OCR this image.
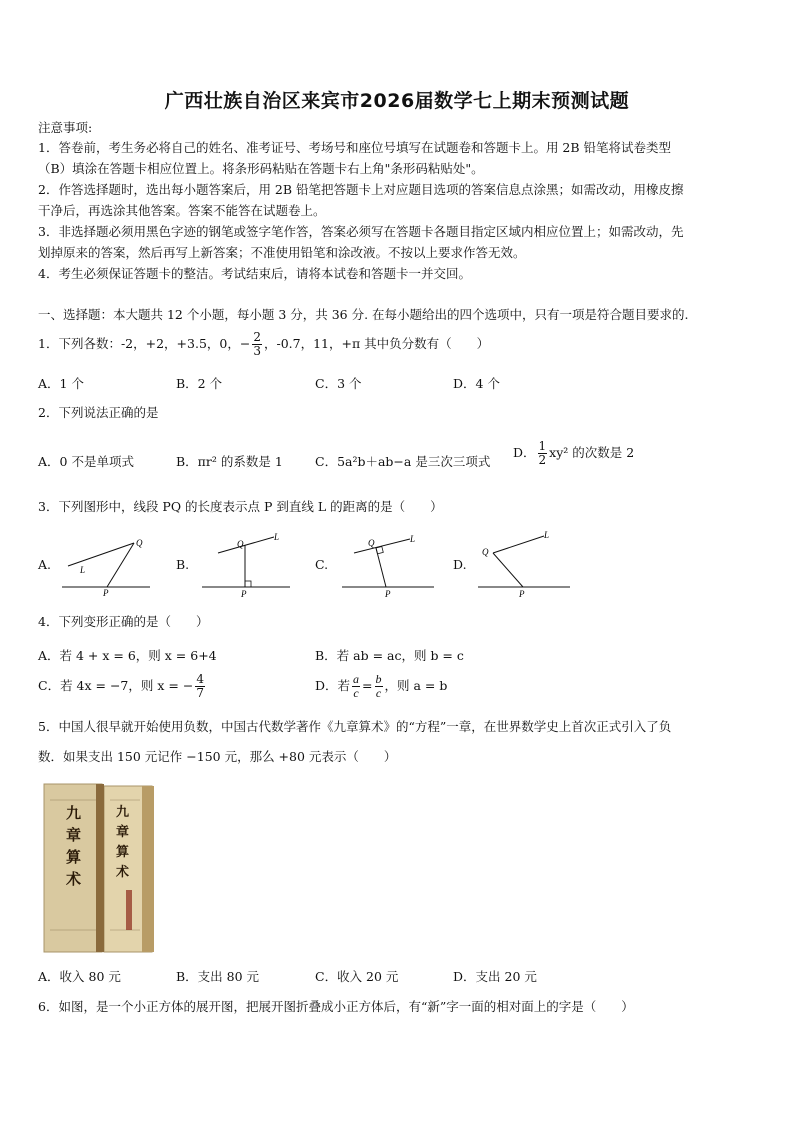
广西壮族自治区来宾市2026届数学七上期末预测试题
注意事项:
1．答卷前，考生务必将自己的姓名、准考证号、考场号和座位号填写在试题卷和答题卡上。用 2B 铅笔将试卷类型
（B）填涂在答题卡相应位置上。将条形码粘贴在答题卡右上角"条形码粘贴处"。
2．作答选择题时，选出每小题答案后，用 2B 铅笔把答题卡上对应题目选项的答案信息点涂黑；如需改动，用橡皮擦
干净后，再选涂其他答案。答案不能答在试题卷上。
3．非选择题必须用黑色字迹的钢笔或签字笔作答，答案必须写在答题卡各题目指定区域内相应位置上；如需改动，先
划掉原来的答案，然后再写上新答案；不准使用铅笔和涂改液。不按以上要求作答无效。
4．考生必须保证答题卡的整洁。考试结束后，请将本试卷和答题卡一并交回。
一、选择题：本大题共 12 个小题，每小题 3 分，共 36 分. 在每小题给出的四个选项中，只有一项是符合题目要求的.
1．下列各数：-2，+2，+3.5，0，− $\frac{2}{3}$ ，-0.7，11，+π 其中负分数有（　　）
A．1 个	B．2 个	C．3 个	D．4 个
2．下列说法正确的是
A．0 不是单项式	B．πr² 的系数是 1	C．5a²b＋ab−a 是三次三项式
D． $\frac{1}{2} xy^2$ 的次数是 2
3．下列图形中，线段 PQ 的长度表示点 P 到直线 L 的距离的是（　　）
A.	B.	C.	D.
Q
L
P
Q
L
P
Q	L
P
Q
L
P
4．下列变形正确的是（　　）
A．若 4 + x = 6，则 x = 6+4	B．若 ab = ac，则 b = c
C．若 4x = −7，则 x = − $\frac{4}{7}$	D．若 $\frac{a}{c} = \frac{b}{c}$ ，则 a = b
5．中国人很早就开始使用负数，中国古代数学著作《九章算术》的“方程”一章，在世界数学史上首次正式引入了负
数．如果支出 150 元记作 −150 元，那么 +80 元表示（　　）
九
章
算
术
九
章
算
术
A．收入 80 元	B．支出 80 元	C．收入 20 元	D．支出 20 元
6．如图，是一个小正方体的展开图，把展开图折叠成小正方体后，有“新”字一面的相对面上的字是（　　）
